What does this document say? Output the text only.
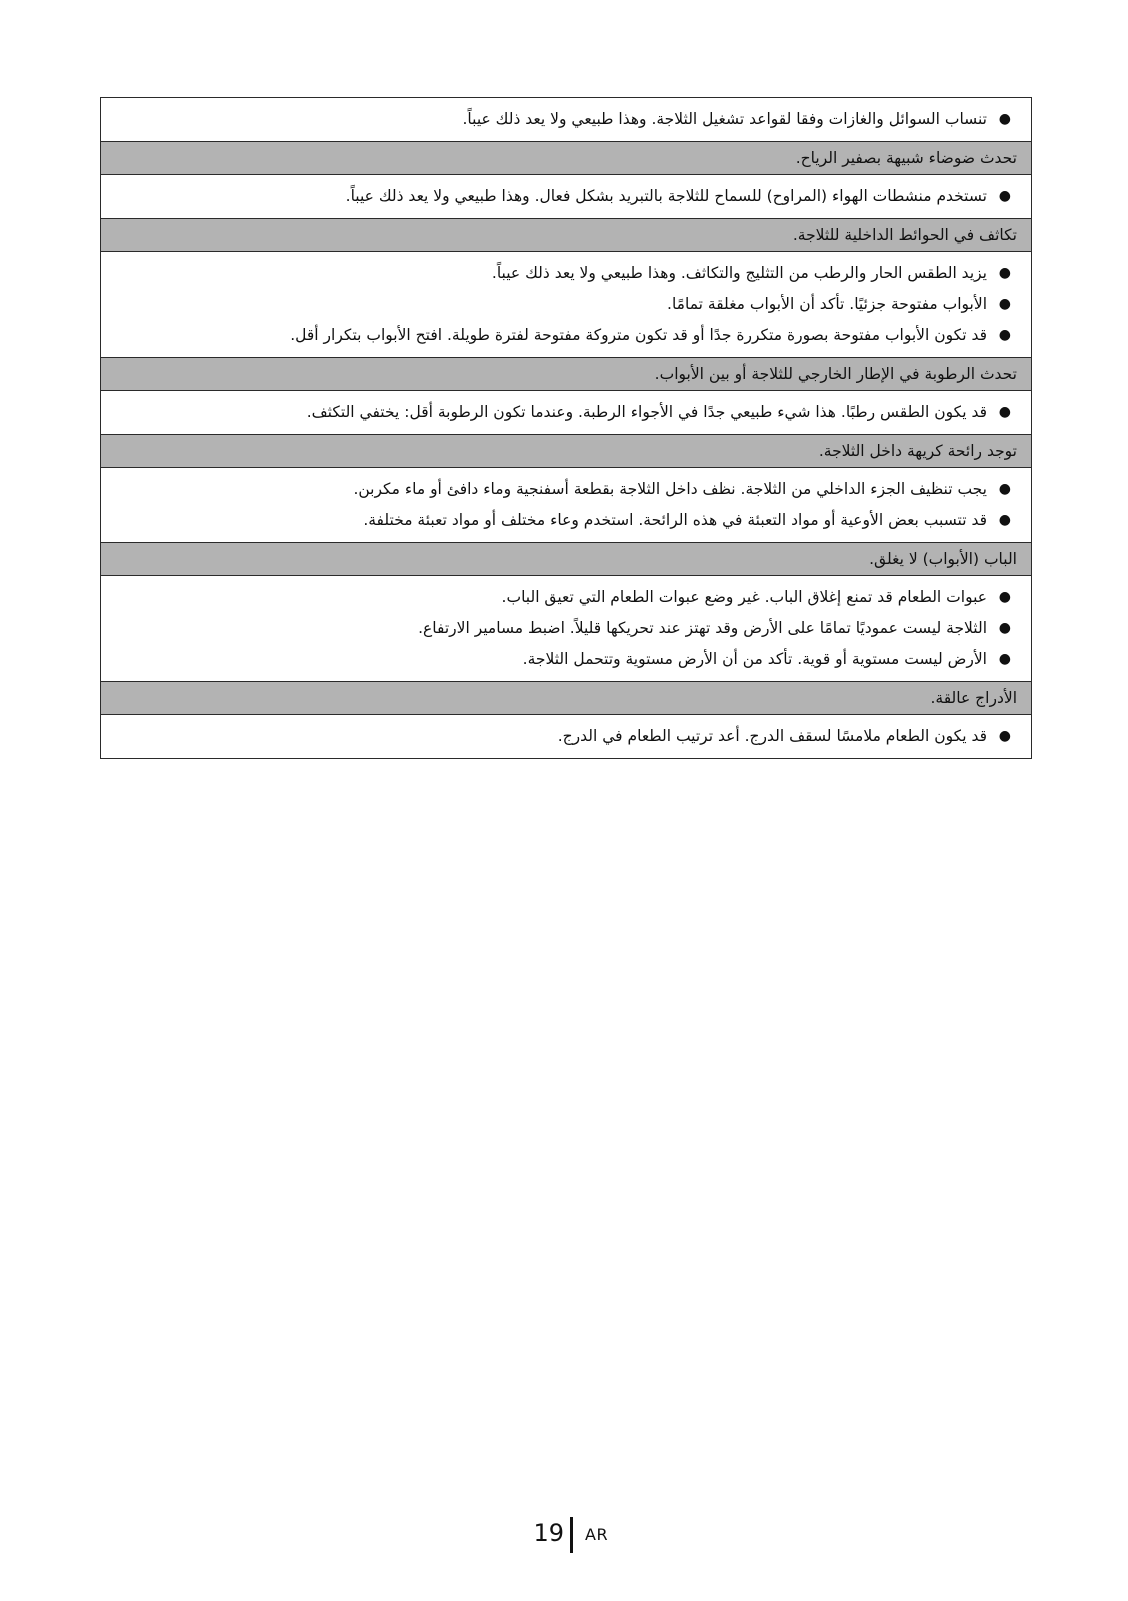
●
تنساب السوائل والغازات وفقا لقواعد تشغيل الثلاجة. وهذا طبيعي ولا يعد ذلك عيباً.
تحدث ضوضاء شبيهة بصفير الرياح.
●
تستخدم منشطات الهواء (المراوح) للسماح للثلاجة بالتبريد بشكل فعال. وهذا طبيعي ولا يعد ذلك عيباً.
تكاثف في الحوائط الداخلية للثلاجة.
●
يزيد الطقس الحار والرطب من التثليج والتكاثف. وهذا طبيعي ولا يعد ذلك عيباً.
●
الأبواب مفتوحة جزئيًا. تأكد أن الأبواب مغلقة تمامًا.
●
قد تكون الأبواب مفتوحة بصورة متكررة جدًا أو قد تكون متروكة مفتوحة لفترة طويلة. افتح الأبواب بتكرار أقل.
تحدث الرطوبة في الإطار الخارجي للثلاجة أو بين الأبواب.
●
قد يكون الطقس رطبًا. هذا شيء طبيعي جدًا في الأجواء الرطبة. وعندما تكون الرطوبة أقل: يختفي التكثف.
توجد رائحة كريهة داخل الثلاجة.
●
يجب تنظيف الجزء الداخلي من الثلاجة. نظف داخل الثلاجة بقطعة أسفنجية وماء دافئ أو ماء مكربن.
●
قد تتسبب بعض الأوعية أو مواد التعبئة في هذه الرائحة. استخدم وعاء مختلف أو مواد تعبئة مختلفة.
الباب (الأبواب) لا يغلق.
●
عبوات الطعام قد تمنع إغلاق الباب. غير وضع عبوات الطعام التي تعيق الباب.
●
الثلاجة ليست عموديًا تمامًا على الأرض وقد تهتز عند تحريكها قليلاً. اضبط مسامير الارتفاع.
●
الأرض ليست مستوية أو قوية. تأكد من أن الأرض مستوية وتتحمل الثلاجة.
الأدراج عالقة.
●
قد يكون الطعام ملامسًا لسقف الدرج. أعد ترتيب الطعام في الدرج.
19 AR
